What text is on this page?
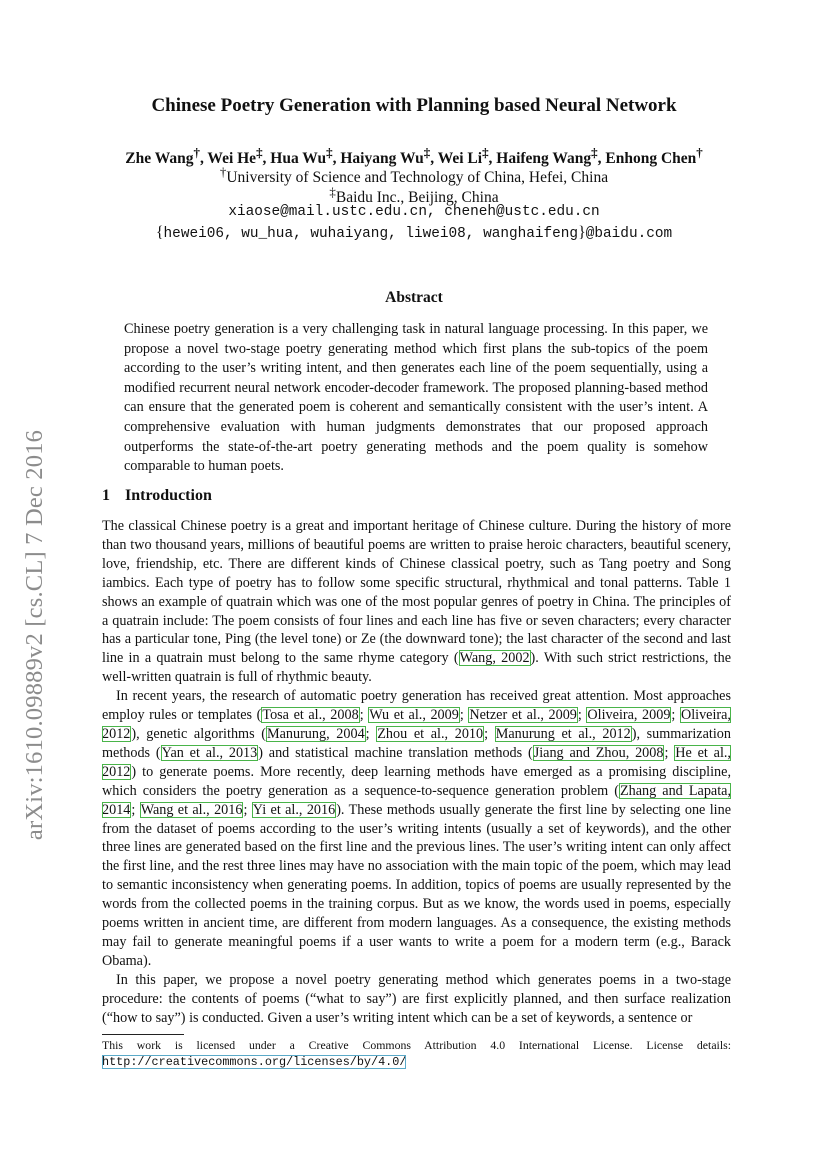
arXiv:1610.09889v2 [cs.CL] 7 Dec 2016
Chinese Poetry Generation with Planning based Neural Network
Zhe Wang†, Wei He‡, Hua Wu‡, Haiyang Wu‡, Wei Li‡, Haifeng Wang‡, Enhong Chen†
†University of Science and Technology of China, Hefei, China
‡Baidu Inc., Beijing, China
xiaose@mail.ustc.edu.cn, cheneh@ustc.edu.cn
{hewei06, wu_hua, wuhaiyang, liwei08, wanghaifeng}@baidu.com
Abstract
Chinese poetry generation is a very challenging task in natural language processing. In this paper, we propose a novel two-stage poetry generating method which first plans the sub-topics of the poem according to the user’s writing intent, and then generates each line of the poem sequentially, using a modified recurrent neural network encoder-decoder framework. The proposed planning-based method can ensure that the generated poem is coherent and semantically consistent with the user’s intent. A comprehensive evaluation with human judgments demonstrates that our proposed approach outperforms the state-of-the-art poetry generating methods and the poem quality is somehow comparable to human poets.
1 Introduction

The classical Chinese poetry is a great and important heritage of Chinese culture. During the history of more than two thousand years, millions of beautiful poems are written to praise heroic characters, beautiful scenery, love, friendship, etc. There are different kinds of Chinese classical poetry, such as Tang poetry and Song iambics. Each type of poetry has to follow some specific structural, rhythmical and tonal patterns. Table 1 shows an example of quatrain which was one of the most popular genres of poetry in China. The principles of a quatrain include: The poem consists of four lines and each line has five or seven characters; every character has a particular tone, Ping (the level tone) or Ze (the downward tone); the last character of the second and last line in a quatrain must belong to the same rhyme category (Wang, 2002). With such strict restrictions, the well-written quatrain is full of rhythmic beauty.

In recent years, the research of automatic poetry generation has received great attention. Most approaches employ rules or templates (Tosa et al., 2008; Wu et al., 2009; Netzer et al., 2009; Oliveira, 2009; Oliveira, 2012), genetic algorithms (Manurung, 2004; Zhou et al., 2010; Manurung et al., 2012), summarization methods (Yan et al., 2013) and statistical machine translation methods (Jiang and Zhou, 2008; He et al., 2012) to generate poems. More recently, deep learning methods have emerged as a promising discipline, which considers the poetry generation as a sequence-to-sequence generation problem (Zhang and Lapata, 2014; Wang et al., 2016; Yi et al., 2016). These methods usually generate the first line by selecting one line from the dataset of poems according to the user’s writing intents (usually a set of keywords), and the other three lines are generated based on the first line and the previous lines. The user’s writing intent can only affect the first line, and the rest three lines may have no association with the main topic of the poem, which may lead to semantic inconsistency when generating poems. In addition, topics of poems are usually represented by the words from the collected poems in the training corpus. But as we know, the words used in poems, especially poems written in ancient time, are different from modern languages. As a consequence, the existing methods may fail to generate meaningful poems if a user wants to write a poem for a modern term (e.g., Barack Obama).

In this paper, we propose a novel poetry generating method which generates poems in a two-stage procedure: the contents of poems (“what to say”) are first explicitly planned, and then surface realization (“how to say”) is conducted. Given a user’s writing intent which can be a set of keywords, a sentence or

This work is licensed under a Creative Commons Attribution 4.0 International License. License details: http://creativecommons.org/licenses/by/4.0/
